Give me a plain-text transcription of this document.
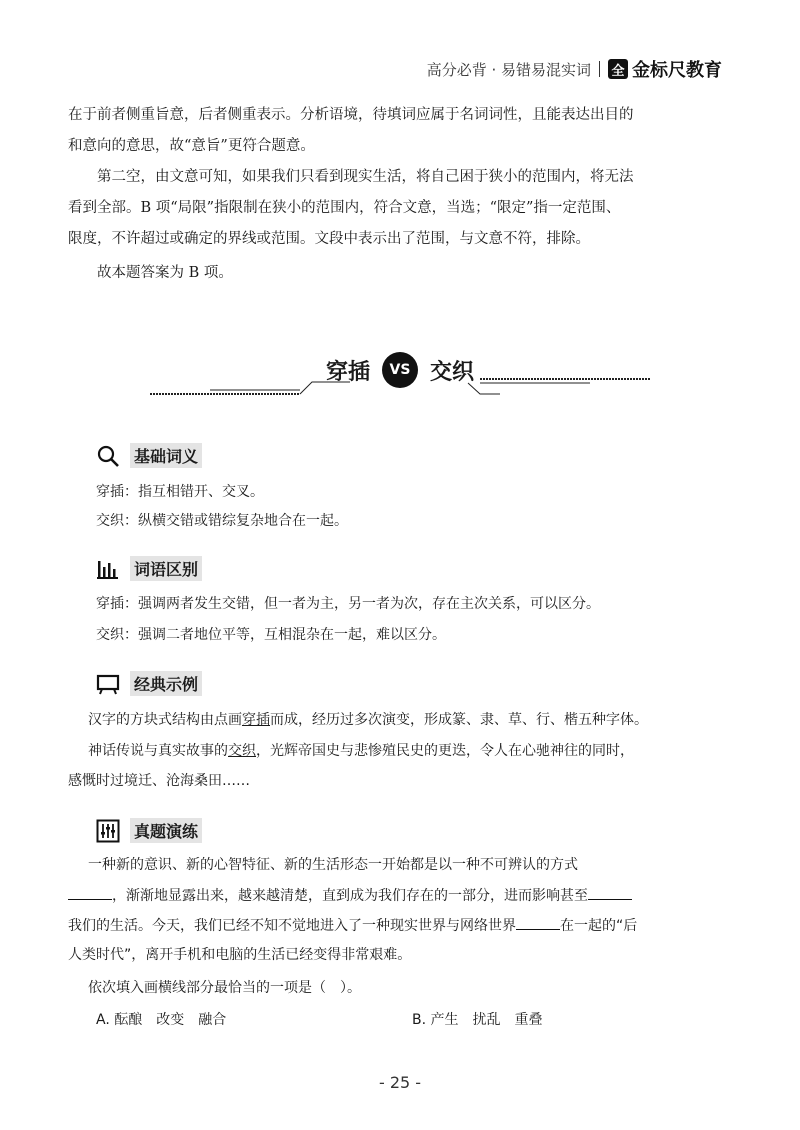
高分必背 · 易错易混实词 全 金标尺教育

在于前者侧重旨意，后者侧重表示。分析语境，待填词应属于名词词性，且能表达出目的

和意向的意思，故“意旨”更符合题意。

第二空，由文意可知，如果我们只看到现实生活，将自己困于狭小的范围内，将无法

看到全部。B 项“局限”指限制在狭小的范围内，符合文意，当选；“限定”指一定范围、

限度，不许超过或确定的界线或范围。文段中表示出了范围，与文意不符，排除。

故本题答案为 B 项。

穿插	VS 交织
基础词义

穿插：指互相错开、交叉。

交织：纵横交错或错综复杂地合在一起。

词语区别

穿插：强调两者发生交错，但一者为主，另一者为次，存在主次关系，可以区分。

交织：强调二者地位平等，互相混杂在一起，难以区分。

经典示例

汉字的方块式结构由点画穿插而成，经历过多次演变，形成篆、隶、草、行、楷五种字体。

神话传说与真实故事的交织，光辉帝国史与悲惨殖民史的更迭，令人在心驰神往的同时，

感慨时过境迁、沧海桑田……

真题演练

一种新的意识、新的心智特征、新的生活形态一开始都是以一种不可辨认的方式

，渐渐地显露出来，越来越清楚，直到成为我们存在的一部分，进而影响甚至

我们的生活。今天，我们已经不知不觉地进入了一种现实世界与网络世界	在一起的“后

人类时代”，离开手机和电脑的生活已经变得非常艰难。

依次填入画横线部分最恰当的一项是（　）。

A. 酝酿　改变　融合	B. 产生　扰乱　重叠

- 25 -
